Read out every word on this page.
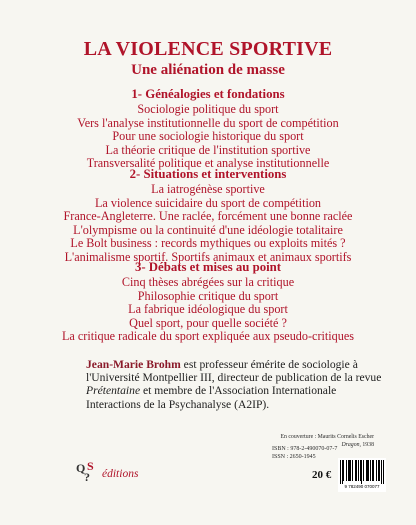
LA VIOLENCE SPORTIVE
Une aliénation de masse
1- Généalogies et fondations
Sociologie politique du sport
Vers l'analyse institutionnelle du sport de compétition
Pour une sociologie historique du sport
La théorie critique de l'institution sportive
Transversalité politique et analyse institutionnelle
2- Situations et interventions
La iatrogénèse sportive
La violence suicidaire du sport de compétition
France-Angleterre. Une raclée, forcément une bonne raclée
L'olympisme ou la continuité d'une idéologie totalitaire
Le Bolt business : records mythiques ou exploits mités ?
L'animalisme sportif. Sportifs animaux et animaux sportifs
3- Débats et mises au point
Cinq thèses abrégées sur la critique
Philosophie critique du sport
La fabrique idéologique du sport
Quel sport, pour quelle société ?
La critique radicale du sport expliquée aux pseudo-critiques
Jean-Marie Brohm est professeur émérite de sociologie à l'Université Montpellier III, directeur de publication de la revue Prétentaine et membre de l'Association Internationale Interactions de la Psychanalyse (A2IP).
En couverture : Maurits Cornelis Escher
Dragon, 1938
ISBN : 978-2-490070-07-7
ISSN : 2650-1945
Q S
? éditions	20 €
9 782490 070077
